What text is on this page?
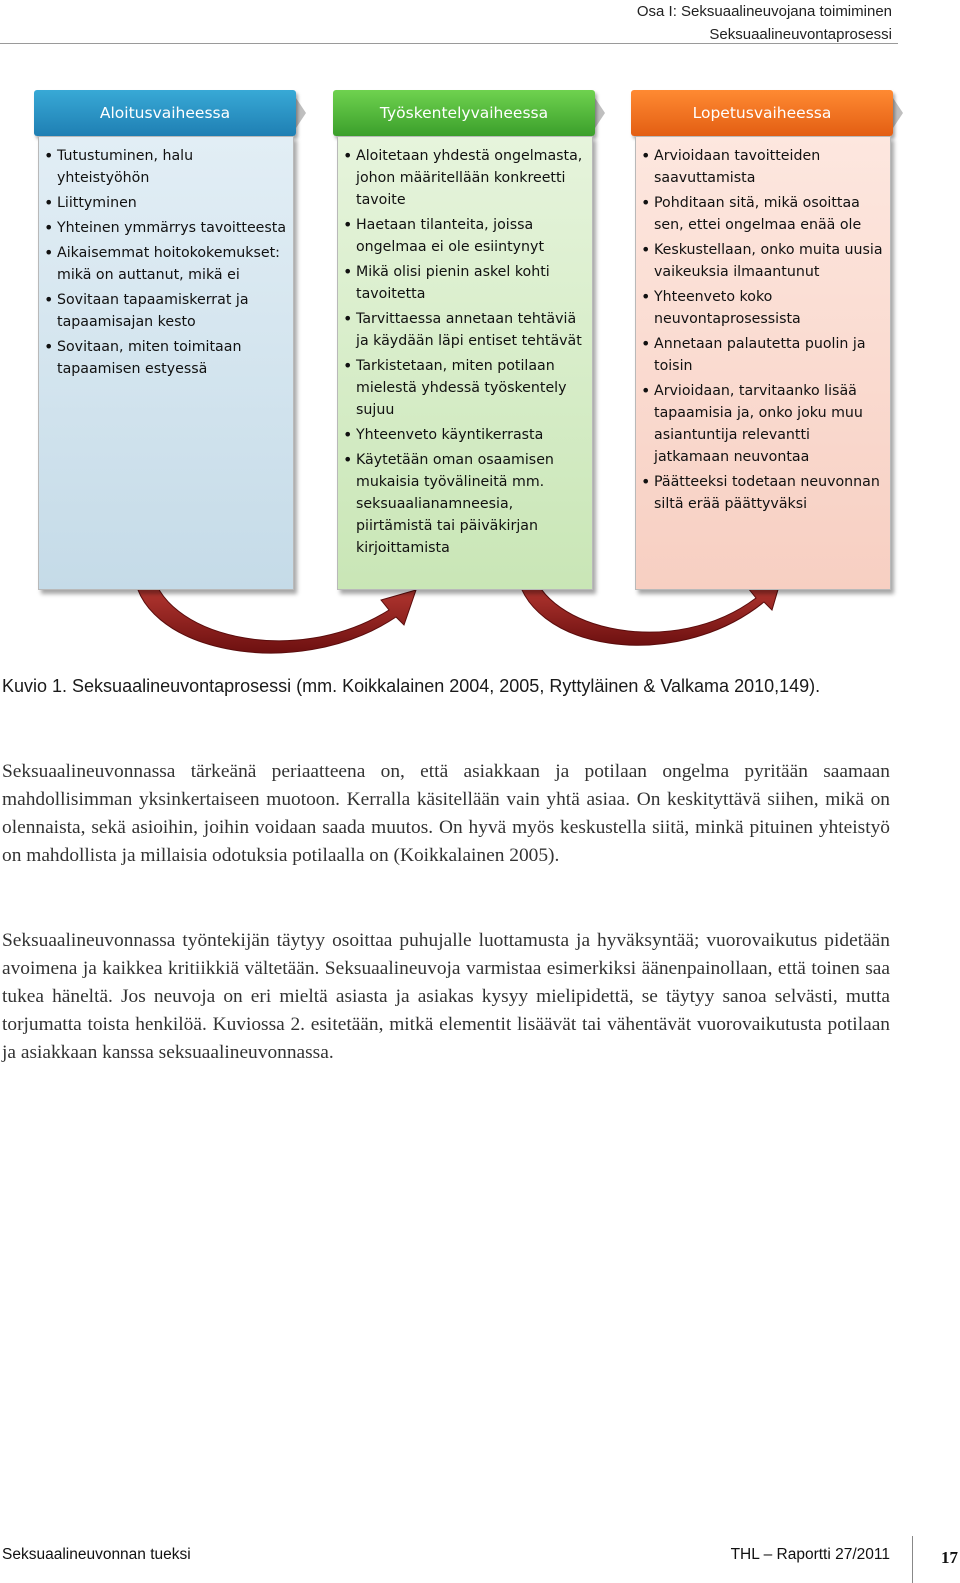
Osa I: Seksuaalineuvojana toimiminen
Seksuaalineuvontaprosessi
Aloitusvaiheessa
• Tutustuminen, halu yhteistyöhön
• Liittyminen
• Yhteinen ymmärrys tavoitteesta
• Aikaisemmat hoitokokemukset: mikä on auttanut, mikä ei
• Sovitaan tapaamiskerrat ja tapaamisajan kesto
• Sovitaan, miten toimitaan tapaamisen estyessä
Työskentelyvaiheessa
• Aloitetaan yhdestä ongelmasta, johon määritellään konkreetti tavoite
• Haetaan tilanteita, joissa ongelmaa ei ole esiintynyt
• Mikä olisi pienin askel kohti tavoitetta
• Tarvittaessa annetaan tehtäviä ja käydään läpi entiset tehtävät
• Tarkistetaan, miten potilaan mielestä yhdessä työskentely sujuu
• Yhteenveto käyntikerrasta
• Käytetään oman osaamisen mukaisia työvälineitä mm. seksuaalianamneesia, piirtämistä tai päiväkirjan kirjoittamista
Lopetusvaiheessa
• Arvioidaan tavoitteiden saavuttamista
• Pohditaan sitä, mikä osoittaa sen, ettei ongelmaa enää ole
• Keskustellaan, onko muita uusia vaikeuksia ilmaantunut
• Yhteenveto koko neuvontaprosessista
• Annetaan palautetta puolin ja toisin
• Arvioidaan, tarvitaanko lisää tapaamisia ja, onko joku muu asiantuntija relevantti jatkamaan neuvontaa
• Päätteeksi todetaan neuvonnan siltä erää päättyväksi
Kuvio 1. Seksuaalineuvontaprosessi (mm. Koikkalainen 2004, 2005, Ryttyläinen & Valkama 2010,149).

Seksuaalineuvonnassa tärkeänä periaatteena on, että asiakkaan ja potilaan ongelma pyritään saamaan mahdollisimman yksinkertaiseen muotoon. Kerralla käsitellään vain yhtä asiaa. On keskityttävä siihen, mikä on olennaista, sekä asioihin, joihin voidaan saada muutos. On hyvä myös keskustella siitä, minkä pituinen yhteistyö on mahdollista ja millaisia odotuksia potilaalla on (Koikkalainen 2005).

Seksuaalineuvonnassa työntekijän täytyy osoittaa puhujalle luottamusta ja hyväksyntää; vuorovaikutus pidetään avoimena ja kaikkea kritiikkiä vältetään. Seksuaalineuvoja varmistaa esimerkiksi äänenpainollaan, että toinen saa tukea häneltä. Jos neuvoja on eri mieltä asiasta ja asiakas kysyy mielipidettä, se täytyy sanoa selvästi, mutta torjumatta toista henkilöä. Kuviossa 2. esitetään, mitkä elementit lisäävät tai vähentävät vuorovaikutusta potilaan ja asiakkaan kanssa seksuaalineuvonnassa.

Seksuaalineuvonnan tueksi	THL – Raportti 27/2011	17
